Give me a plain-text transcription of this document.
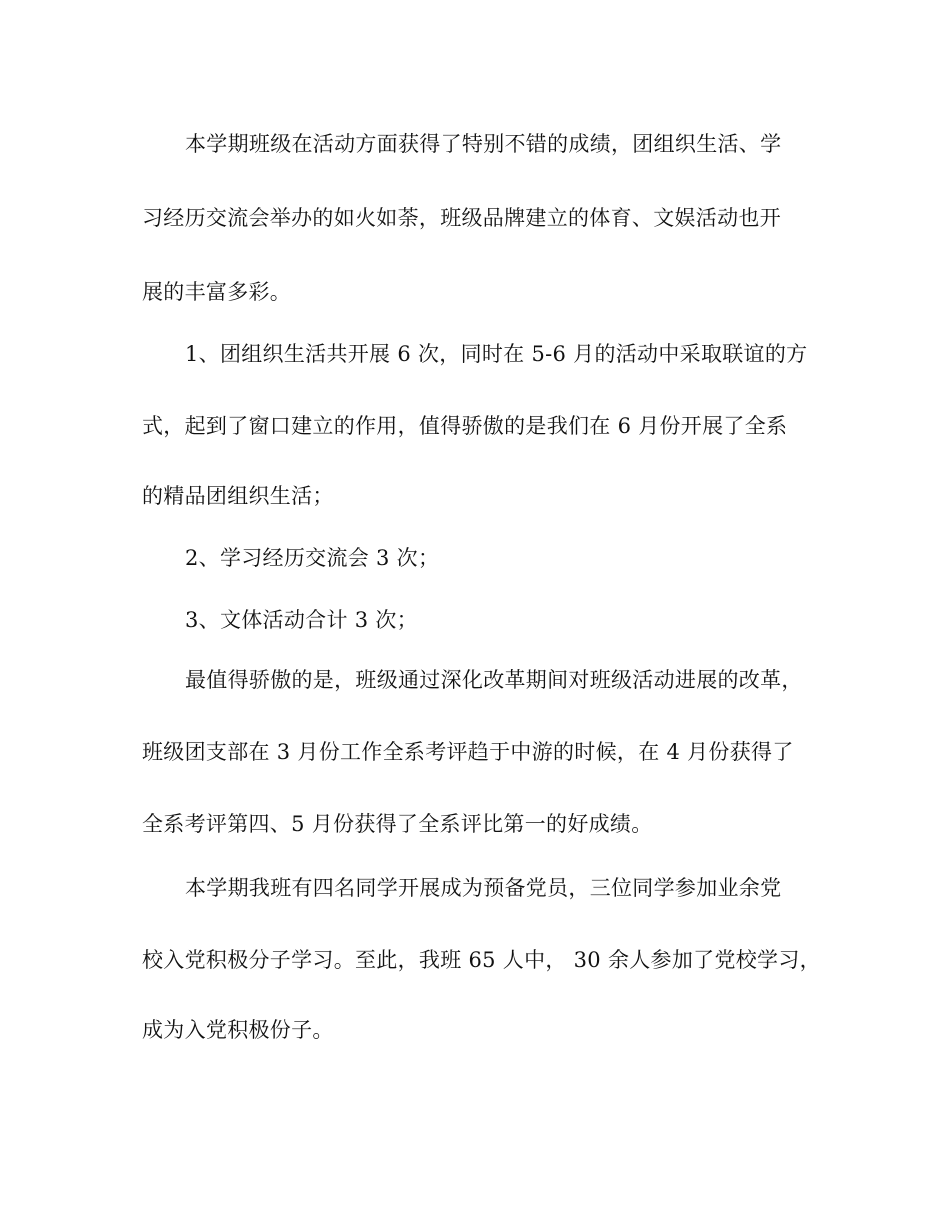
本学期班级在活动方面获得了特别不错的成绩，团组织生活、学
习经历交流会举办的如火如荼，班级品牌建立的体育、文娱活动也开
展的丰富多彩。
1、团组织生活共开展 6 次，同时在 5-6 月的活动中采取联谊的方
式，起到了窗口建立的作用，值得骄傲的是我们在 6 月份开展了全系
的精品团组织生活；
2、学习经历交流会 3 次；
3、文体活动合计 3 次；
最值得骄傲的是，班级通过深化改革期间对班级活动进展的改革，
班级团支部在 3 月份工作全系考评趋于中游的时候，在 4 月份获得了
全系考评第四、5 月份获得了全系评比第一的好成绩。
本学期我班有四名同学开展成为预备党员，三位同学参加业余党
校入党积极分子学习。至此，我班 65 人中， 30 余人参加了党校学习，
成为入党积极份子。
